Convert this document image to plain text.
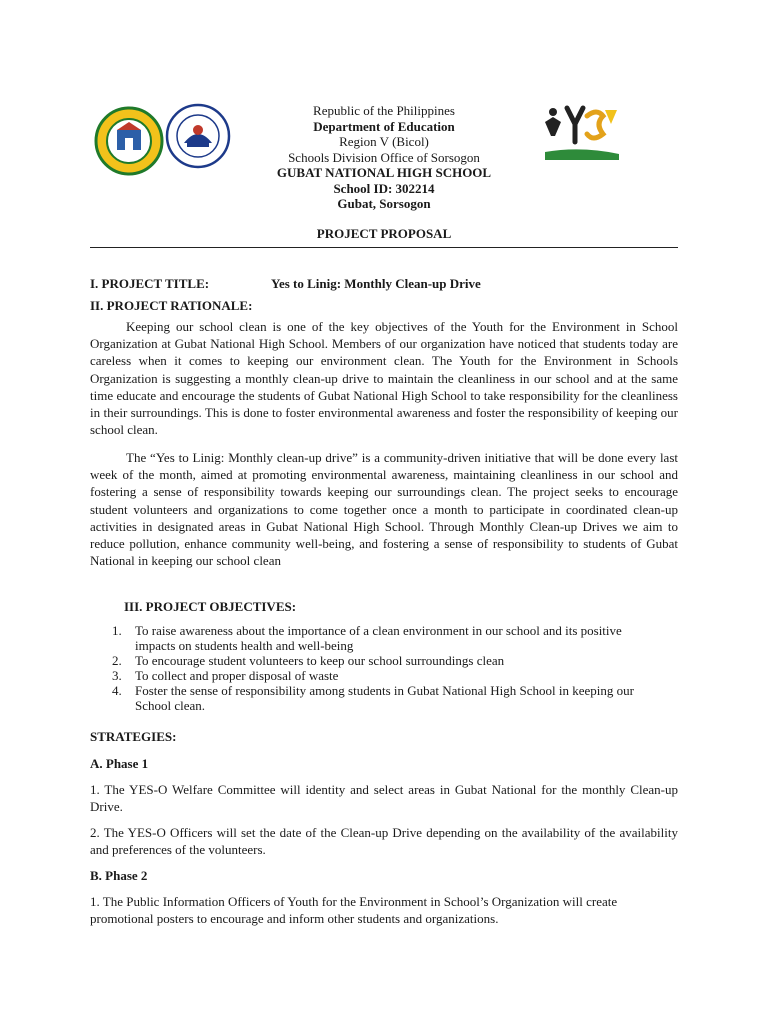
Republic of the Philippines
Department of Education
Region V (Bicol)
Schools Division Office of Sorsogon
GUBAT NATIONAL HIGH SCHOOL
School ID: 302214
Gubat, Sorsogon
PROJECT PROPOSAL
I. PROJECT TITLE:	Yes to Linig: Monthly Clean-up Drive
II. PROJECT RATIONALE:
Keeping our school clean is one of the key objectives of the Youth for the Environment in School Organization at Gubat National High School. Members of our organization have noticed that students today are careless when it comes to keeping our environment clean. The Youth for the Environment in Schools Organization is suggesting a monthly clean-up drive to maintain the cleanliness in our school and at the same time educate and encourage the students of Gubat National High School to take responsibility for the cleanliness in their surroundings. This is done to foster environmental awareness and foster the responsibility of keeping our school clean.
The “Yes to Linig: Monthly clean-up drive” is a community-driven initiative that will be done every last week of the month, aimed at promoting environmental awareness, maintaining cleanliness in our school and fostering a sense of responsibility towards keeping our surroundings clean. The project seeks to encourage student volunteers and organizations to come together once a month to participate in coordinated clean-up activities in designated areas in Gubat National High School. Through Monthly Clean-up Drives we aim to reduce pollution, enhance community well-being, and fostering a sense of responsibility to students of Gubat National in keeping our school clean
III. PROJECT OBJECTIVES:
1. To raise awareness about the importance of a clean environment in our school and its positive impacts on students health and well-being
2. To encourage student volunteers to keep our school surroundings clean
3. To collect and proper disposal of waste
4. Foster the sense of responsibility among students in Gubat National High School in keeping our School clean.
STRATEGIES:
A. Phase 1
1. The YES-O Welfare Committee will identity and select areas in Gubat National for the monthly Clean-up Drive.
2. The YES-O Officers will set the date of the Clean-up Drive depending on the availability of the availability and preferences of the volunteers.
B. Phase 2
1. The Public Information Officers of Youth for the Environment in School’s Organization will create promotional posters to encourage and inform other students and organizations.
